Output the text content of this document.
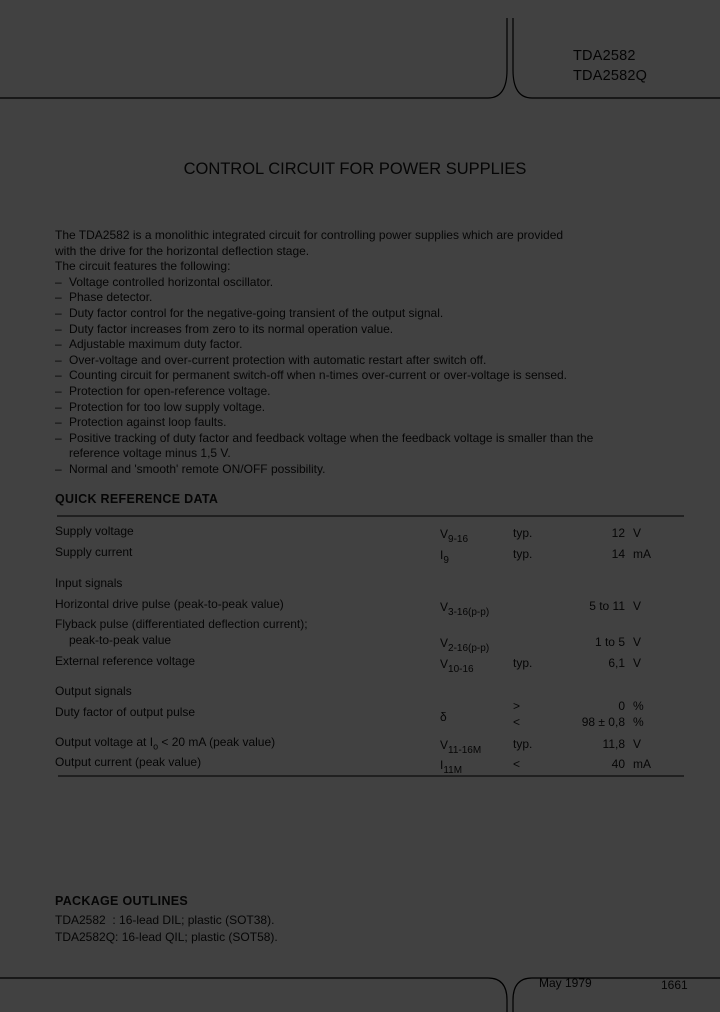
TDA2582
TDA2582Q
CONTROL CIRCUIT FOR POWER SUPPLIES
The TDA2582 is a monolithic integrated circuit for controlling power supplies which are provided
with the drive for the horizontal deflection stage.
The circuit features the following:
– Voltage controlled horizontal oscillator.
– Phase detector.
– Duty factor control for the negative-going transient of the output signal.
– Duty factor increases from zero to its normal operation value.
– Adjustable maximum duty factor.
– Over-voltage and over-current protection with automatic restart after switch off.
– Counting circuit for permanent switch-off when n-times over-current or over-voltage is sensed.
– Protection for open-reference voltage.
– Protection for too low supply voltage.
– Protection against loop faults.
– Positive tracking of duty factor and feedback voltage when the feedback voltage is smaller than the
reference voltage minus 1,5 V.
– Normal and 'smooth' remote ON/OFF possibility.
QUICK REFERENCE DATA
Supply voltage	$V_{9-16}$	typ.	12 V
Supply current	$I_9$	typ.	14 mA
Input signals
Horizontal drive pulse (peak-to-peak value)	$V_{3-16(p-p)}$	5 to 11 V
Flyback pulse (differentiated deflection current);
peak-to-peak value	$V_{2-16(p-p)}$	1 to 5 V
External reference voltage	$V_{10-16}$	typ.	6,1 V
Output signals
Duty factor of output pulse	δ
>	0 %
<	98 ± 0,8 %
Output voltage at $I_o < 20$ mA (peak value)	$V_{11-16M}$	typ.	11,8 V
Output current (peak value)	$I_{11M}$	<	40 mA
PACKAGE OUTLINES
TDA2582  : 16-lead DIL; plastic (SOT38).
TDA2582Q: 16-lead QIL; plastic (SOT58).
May 1979	1661
